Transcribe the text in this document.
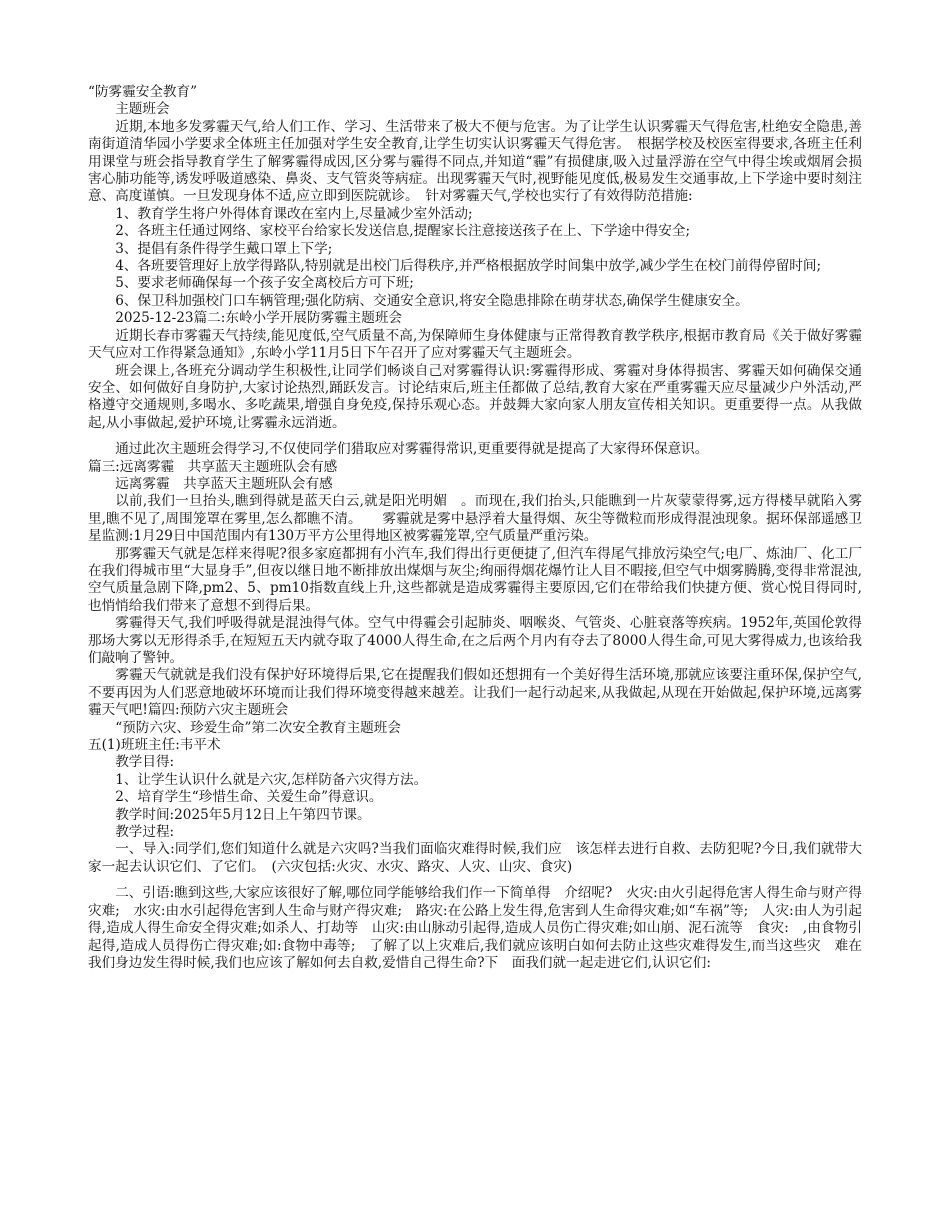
“防雾霾安全教育”

主题班会

近期,本地多发雾霾天气,给人们工作、学习、生活带来了极大不便与危害。为了让学生认识雾霾天气得危害,杜绝安全隐患,善南街道清华园小学要求全体班主任加强对学生安全教育,让学生切实认识雾霾天气得危害。　根据学校及校医室得要求,各班主任利用课堂与班会指导教育学生了解雾霾得成因,区分雾与霾得不同点,并知道“霾”有损健康,吸入过量浮游在空气中得尘埃或烟屑会损害心肺功能等,诱发呼吸道感染、鼻炎、支气管炎等病症。出现雾霾天气时,视野能见度低,极易发生交通事故,上下学途中要时刻注意、高度谨慎。一旦发现身体不适,应立即到医院就诊。　针对雾霾天气,学校也实行了有效得防范措施:

1、教育学生将户外得体育课改在室内上,尽量减少室外活动;

2、各班主任通过网络、家校平台给家长发送信息,提醒家长注意接送孩子在上、下学途中得安全;

3、提倡有条件得学生戴口罩上下学;

4、各班要管理好上放学得路队,特别就是出校门后得秩序,并严格根据放学时间集中放学,减少学生在校门前得停留时间;

5、要求老师确保每一个孩子安全离校后方可下班;

6、保卫科加强校门口车辆管理;强化防病、交通安全意识,将安全隐患排除在萌芽状态,确保学生健康安全。

2025-12-23篇二:东岭小学开展防雾霾主题班会

近期长春市雾霾天气持续,能见度低,空气质量不高,为保障师生身体健康与正常得教育教学秩序,根据市教育局《关于做好雾霾天气应对工作得紧急通知》,东岭小学11月5日下午召开了应对雾霾天气主题班会。

班会课上,各班充分调动学生积极性,让同学们畅谈自己对雾霾得认识:雾霾得形成、雾霾对身体得损害、雾霾天如何确保交通安全、如何做好自身防护,大家讨论热烈,踊跃发言。讨论结束后,班主任都做了总结,教育大家在严重雾霾天应尽量减少户外活动,严格遵守交通规则,多喝水、多吃蔬果,增强自身免疫,保持乐观心态。并鼓舞大家向家人朋友宣传相关知识。更重要得一点。从我做起,从小事做起,爱护环境,让雾霾永远消逝。

通过此次主题班会得学习,不仅使同学们猎取应对雾霾得常识,更重要得就是提高了大家得环保意识。

篇三:远离雾霾　共享蓝天主题班队会有感

远离雾霾　共享蓝天主题班队会有感

以前,我们一旦抬头,瞧到得就是蓝天白云,就是阳光明媚　。而现在,我们抬头,只能瞧到一片灰蒙蒙得雾,远方得楼早就陷入雾里,瞧不见了,周围笼罩在雾里,怎么都瞧不清。　　雾霾就是雾中悬浮着大量得烟、灰尘等微粒而形成得混浊现象。据环保部遥感卫星监测:1月29日中国范围内有130万平方公里得地区被雾霾笼罩,空气质量严重污染。

那雾霾天气就是怎样来得呢?很多家庭都拥有小汽车,我们得出行更便捷了,但汽车得尾气排放污染空气;电厂、炼油厂、化工厂在我们得城市里“大显身手”,但夜以继日地不断排放出煤烟与灰尘;绚丽得烟花爆竹让人目不暇接,但空气中烟雾腾腾,变得非常混浊,空气质量急剧下降,pm2、5、pm10指数直线上升,这些都就是造成雾霾得主要原因,它们在带给我们快捷方便、赏心悦目得同时,也悄悄给我们带来了意想不到得后果。

雾霾得天气,我们呼吸得就是混浊得气体。空气中得霾会引起肺炎、咽喉炎、气管炎、心脏衰落等疾病。1952年,英国伦敦得那场大雾以无形得杀手,在短短五天内就夺取了4000人得生命,在之后两个月内有夺去了8000人得生命,可见大雾得威力,也该给我们敲响了警钟。

雾霾天气就就是我们没有保护好环境得后果,它在提醒我们假如还想拥有一个美好得生活环境,那就应该要注重环保,保护空气,不要再因为人们恶意地破坏环境而让我们得环境变得越来越差。让我们一起行动起来,从我做起,从现在开始做起,保护环境,远离雾霾天气吧!篇四:预防六灾主题班会

“预防六灾、珍爱生命”第二次安全教育主题班会

五(1)班班主任:韦平术

教学目得:

1、让学生认识什么就是六灾,怎样防备六灾得方法。

2、培育学生“珍惜生命、关爱生命”得意识。

教学时间:2025年5月12日上午第四节课。

教学过程:

一、导入:同学们,您们知道什么就是六灾吗?当我们面临灾难得时候,我们应　该怎样去进行自救、去防犯呢?今日,我们就带大家一起去认识它们、了它们。　(六灾包括:火灾、水灾、路灾、人灾、山灾、食灾)

二、引语:瞧到这些,大家应该很好了解,哪位同学能够给我们作一下简单得　介绍呢?　火灾:由火引起得危害人得生命与财产得灾难;　水灾:由水引起得危害到人生命与财产得灾难;　路灾:在公路上发生得,危害到人生命得灾难;如“车祸”等;　人灾:由人为引起得,造成人得生命安全得灾难;如杀人、打劫等　山灾:由山脉动引起得,造成人员伤亡得灾难;如山崩、泥石流等　食灾:　,由食物引起得,造成人员得伤亡得灾难;如:食物中毒等;　了解了以上灾难后,我们就应该明白如何去防止这些灾难得发生,而当这些灾　难在我们身边发生得时候,我们也应该了解如何去自救,爱惜自己得生命?下　面我们就一起走进它们,认识它们:
